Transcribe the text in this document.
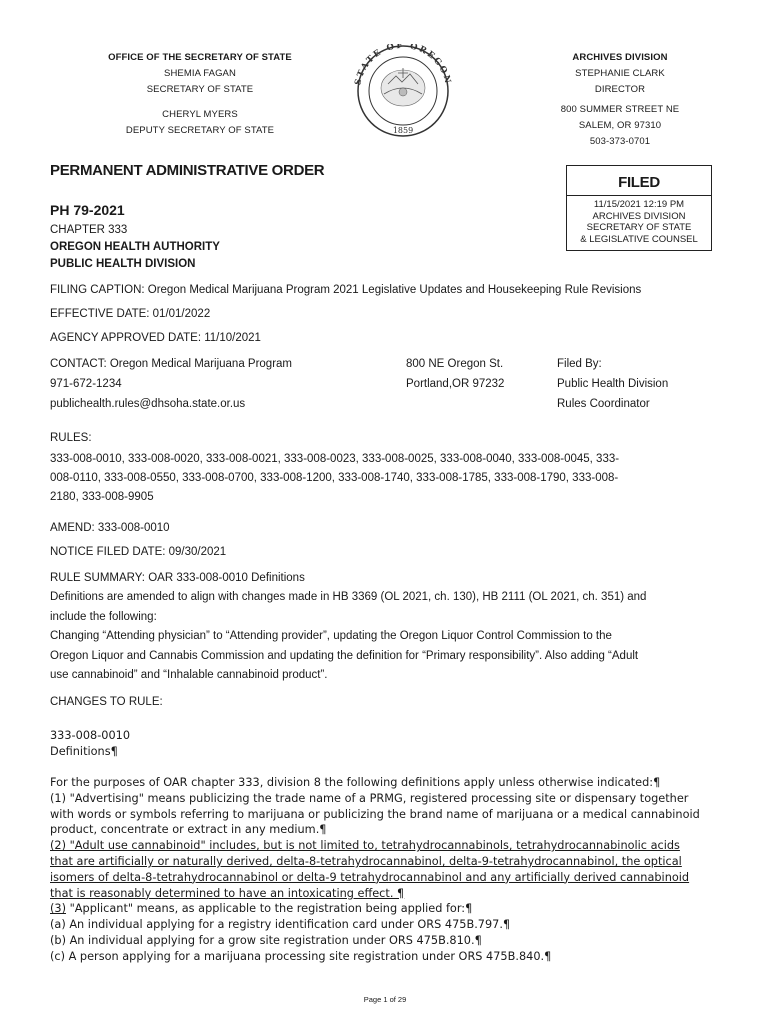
OFFICE OF THE SECRETARY OF STATE
SHEMIA FAGAN
SECRETARY OF STATE
CHERYL MYERS
DEPUTY SECRETARY OF STATE
STATE OF OREGON
1859
ARCHIVES DIVISION
STEPHANIE CLARK
DIRECTOR
800 SUMMER STREET NE
SALEM, OR 97310
503-373-0701
PERMANENT ADMINISTRATIVE ORDER
PH 79-2021
CHAPTER 333
OREGON HEALTH AUTHORITY
PUBLIC HEALTH DIVISION
FILED
11/15/2021 12:19 PM
ARCHIVES DIVISION
SECRETARY OF STATE
& LEGISLATIVE COUNSEL
FILING CAPTION: Oregon Medical Marijuana Program 2021 Legislative Updates and Housekeeping Rule Revisions
EFFECTIVE DATE: 01/01/2022
AGENCY APPROVED DATE: 11/10/2021
CONTACT: Oregon Medical Marijuana Program
971-672-1234
publichealth.rules@dhsoha.state.or.us
800 NE Oregon St.
Portland,OR 97232
Filed By:
Public Health Division
Rules Coordinator
RULES:
333-008-0010, 333-008-0020, 333-008-0021, 333-008-0023, 333-008-0025, 333-008-0040, 333-008-0045, 333-
008-0110, 333-008-0550, 333-008-0700, 333-008-1200, 333-008-1740, 333-008-1785, 333-008-1790, 333-008-
2180, 333-008-9905
AMEND: 333-008-0010
NOTICE FILED DATE: 09/30/2021
RULE SUMMARY: OAR 333-008-0010 Definitions
Definitions are amended to align with changes made in HB 3369 (OL 2021, ch. 130), HB 2111 (OL 2021, ch. 351) and
include the following:
Changing “Attending physician” to “Attending provider”, updating the Oregon Liquor Control Commission to the
Oregon Liquor and Cannabis Commission and updating the definition for “Primary responsibility”. Also adding “Adult
use cannabinoid” and “Inhalable cannabinoid product”.
CHANGES TO RULE:
333-008-0010
Definitions¶
For the purposes of OAR chapter 333, division 8 the following definitions apply unless otherwise indicated:¶
(1) "Advertising" means publicizing the trade name of a PRMG, registered processing site or dispensary together
with words or symbols referring to marijuana or publicizing the brand name of marijuana or a medical cannabinoid
product, concentrate or extract in any medium.¶
(2) "Adult use cannabinoid" includes, but is not limited to, tetrahydrocannabinols, tetrahydrocannabinolic acids
that are artificially or naturally derived, delta-8-tetrahydrocannabinol, delta-9-tetrahydrocannabinol, the optical
isomers of delta-8-tetrahydrocannabinol or delta-9 tetrahydrocannabinol and any artificially derived cannabinoid
that is reasonably determined to have an intoxicating effect. ¶
(3) "Applicant" means, as applicable to the registration being applied for:¶
(a) An individual applying for a registry identification card under ORS 475B.797.¶
(b) An individual applying for a grow site registration under ORS 475B.810.¶
(c) A person applying for a marijuana processing site registration under ORS 475B.840.¶
Page 1 of 29
